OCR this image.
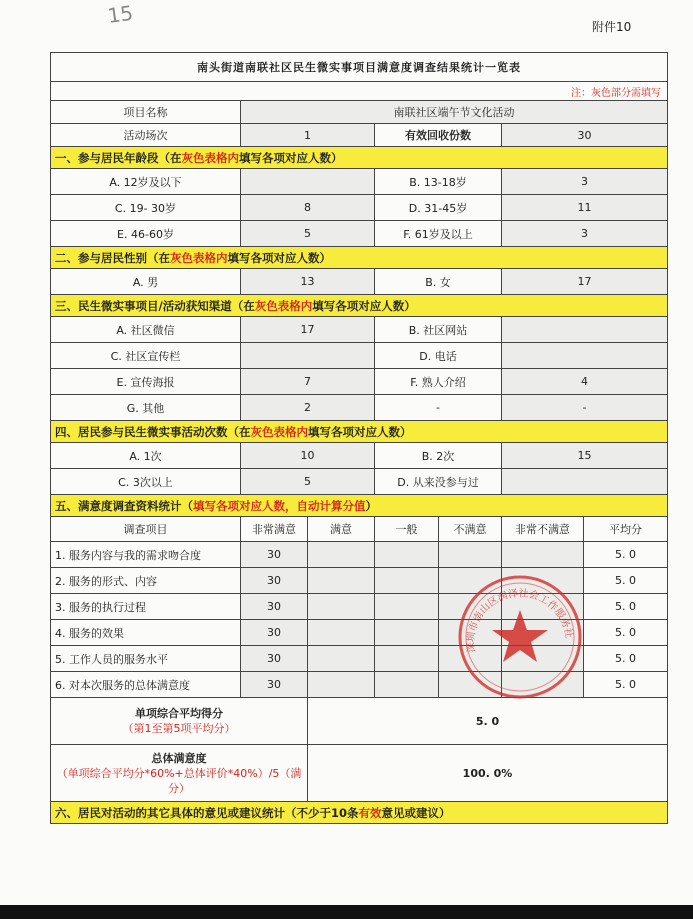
15	附件10
南头街道南联社区民生微实事项目满意度调查结果统计一览表						
注：灰色部分需填写						
项目名称	南联社区端午节文化活动					
活动场次	1		有效回收份数		30	
一、参与居民年龄段（在灰色表格内填写各项对应人数）						
A. 12岁及以下			B. 13-18岁		3	
C. 19- 30岁	8		D. 31-45岁		11	
E. 46-60岁	5		F. 61岁及以上		3	
二、参与居民性别（在灰色表格内填写各项对应人数）						
A. 男	13		B. 女		17	
三、民生微实事项目/活动获知渠道（在灰色表格内填写各项对应人数）						
A. 社区微信	17		B. 社区网站			
C. 社区宣传栏			D. 电话			
E. 宣传海报	7		F. 熟人介绍		4	
G. 其他	2		-		-	
四、居民参与民生微实事活动次数（在灰色表格内填写各项对应人数）						
A. 1次	10		B. 2次		15	
C. 3次以上	5		D. 从来没参与过			
五、满意度调查资料统计（填写各项对应人数，自动计算分值）						
调查项目	非常满意	满意	一般	不满意	非常不满意	平均分
1. 服务内容与我的需求吻合度	30					5. 0
2. 服务的形式、内容	30					5. 0
3. 服务的执行过程	30					5. 0
4. 服务的效果	30					5. 0
5. 工作人员的服务水平	30					5. 0
6. 对本次服务的总体满意度	30					5. 0

单项综合平均得分
（第1至第5项平均分）		5. 0				

总体满意度
（单项综合平均分*60%+总体评价*40%）/5（满分）		100. 0%				
六、居民对活动的其它具体的意见或建议统计（不少于10条有效意见或建议）						
深圳市南山区润泽社会工作服务社
